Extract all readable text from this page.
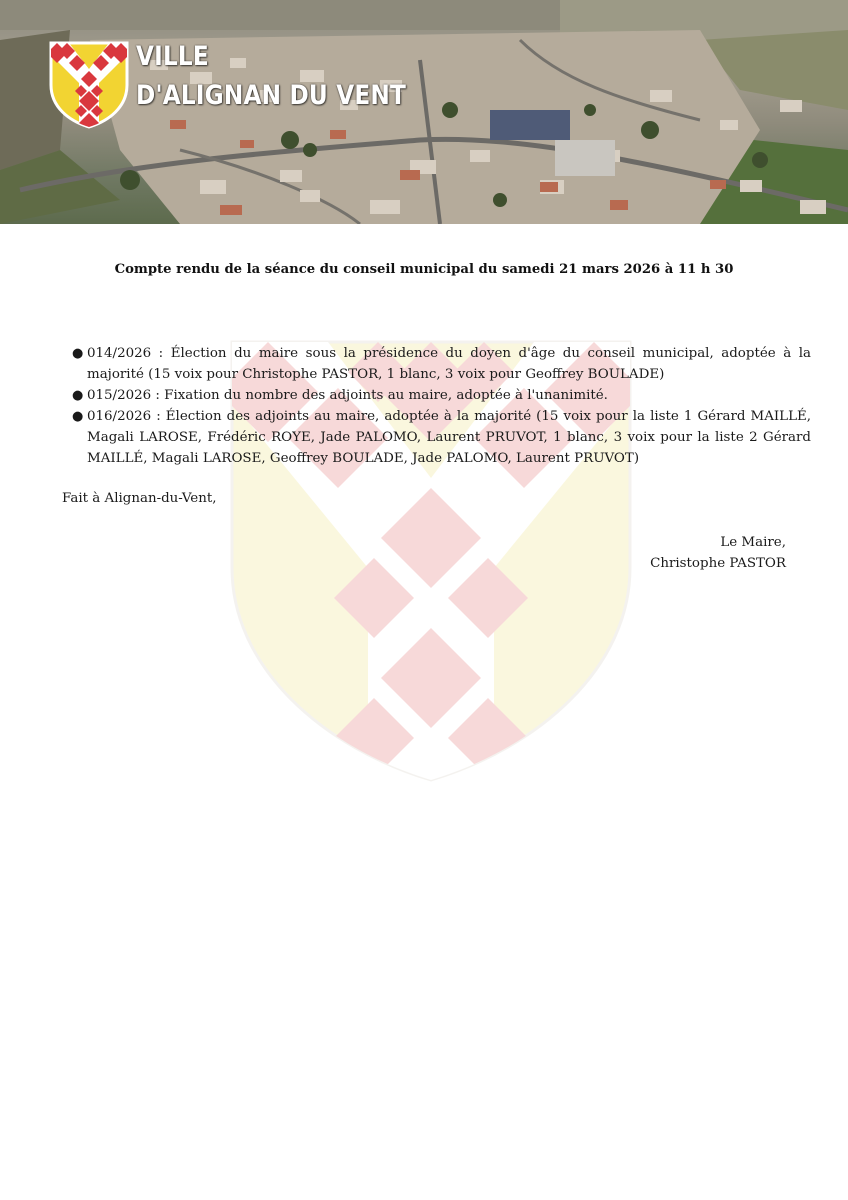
VILLE

D'ALIGNAN DU VENT

Compte rendu de la séance du conseil municipal du samedi 21 mars 2026 à 11 h 30
● 014/2026 : Élection du maire sous la présidence du doyen d'âge du conseil municipal, adoptée à la majorité (15 voix pour Christophe PASTOR, 1 blanc, 3 voix pour Geoffrey BOULADE)
● 015/2026 : Fixation du nombre des adjoints au maire, adoptée à l'unanimité.
● 016/2026 : Élection des adjoints au maire, adoptée à la majorité (15 voix pour la liste 1 Gérard MAILLÉ, Magali LAROSE, Frédéric ROYE, Jade PALOMO, Laurent PRUVOT, 1 blanc, 3 voix pour la liste 2 Gérard MAILLÉ, Magali LAROSE, Geoffrey BOULADE, Jade PALOMO, Laurent PRUVOT)

Fait à Alignan-du-Vent,

Le Maire,
Christophe PASTOR
